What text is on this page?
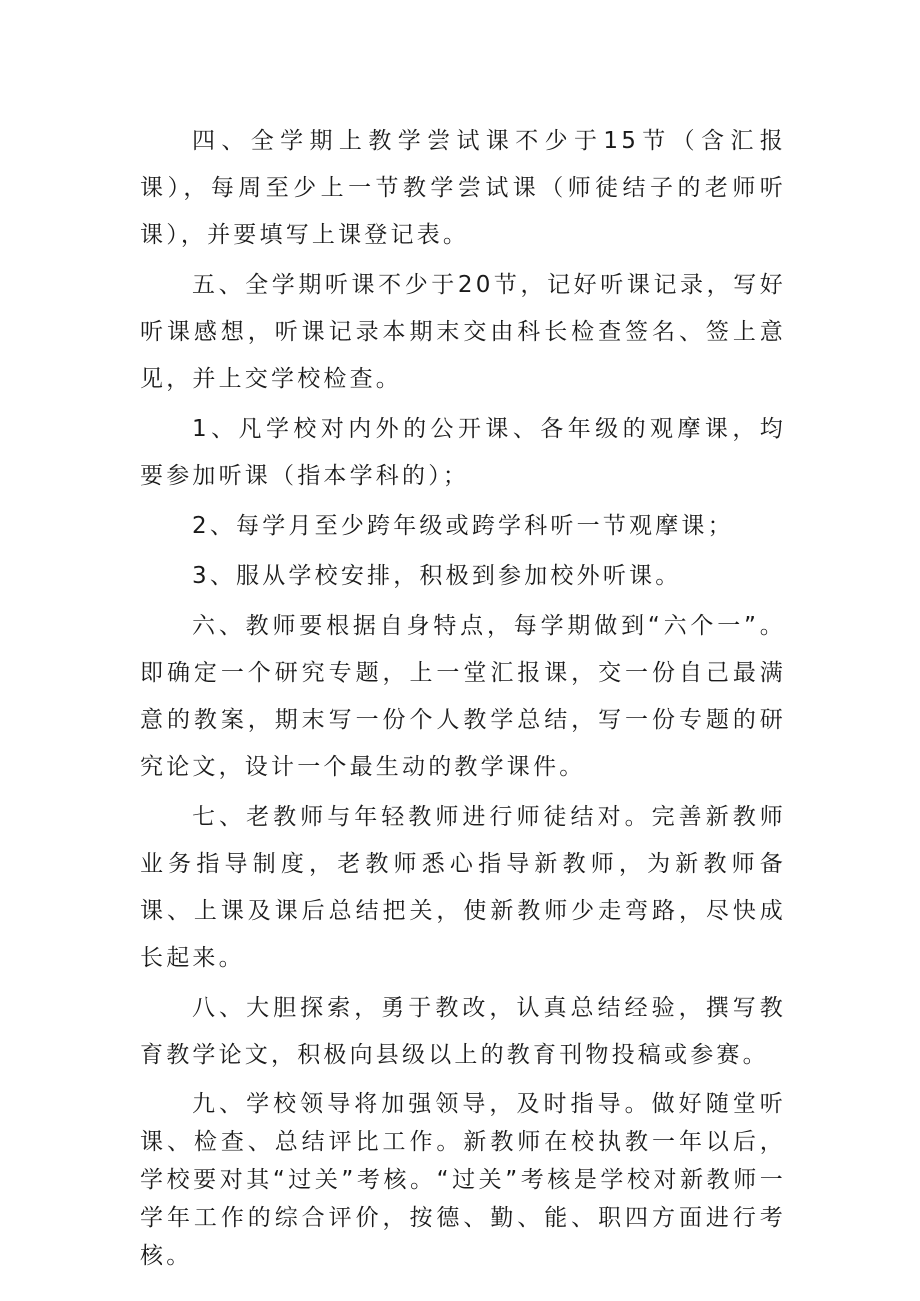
四、全学期上教学尝试课不少于15节（含汇报课），每周至少上一节教学尝试课（师徒结子的老师听课），并要填写上课登记表。

五、全学期听课不少于20节，记好听课记录，写好听课感想，听课记录本期末交由科长检查签名、签上意见，并上交学校检查。

1、凡学校对内外的公开课、各年级的观摩课，均要参加听课（指本学科的）；

2、每学月至少跨年级或跨学科听一节观摩课；

3、服从学校安排，积极到参加校外听课。

六、教师要根据自身特点，每学期做到“六个一”。即确定一个研究专题，上一堂汇报课，交一份自己最满意的教案，期末写一份个人教学总结，写一份专题的研究论文，设计一个最生动的教学课件。

七、老教师与年轻教师进行师徒结对。完善新教师业务指导制度，老教师悉心指导新教师，为新教师备课、上课及课后总结把关，使新教师少走弯路，尽快成长起来。

八、大胆探索，勇于教改，认真总结经验，撰写教育教学论文，积极向县级以上的教育刊物投稿或参赛。

九、学校领导将加强领导，及时指导。做好随堂听课、检查、总结评比工作。新教师在校执教一年以后，学校要对其“过关”考核。“过关”考核是学校对新教师一学年工作的综合评价，按德、勤、能、职四方面进行考核。
